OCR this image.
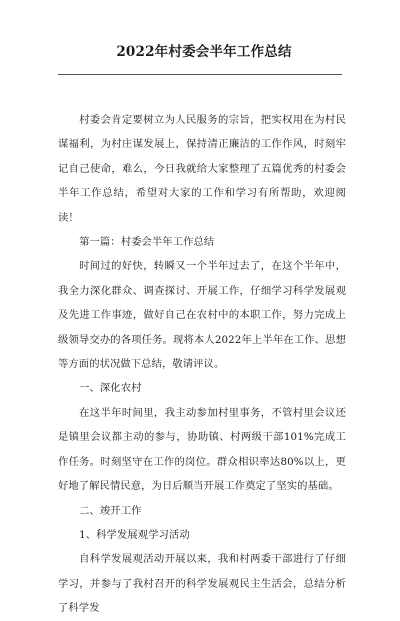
2022年村委会半年工作总结

村委会肯定要树立为人民服务的宗旨，把实权用在为村民谋福利，为村庄谋发展上，保持清正廉洁的工作作风，时刻牢记自己使命，难么，今日我就给大家整理了五篇优秀的村委会半年工作总结，希望对大家的工作和学习有所帮助，欢迎阅读！

第一篇：村委会半年工作总结

时间过的好快，转瞬又一个半年过去了，在这个半年中，我全力深化群众、调查探讨、开展工作，仔细学习科学发展观及先进工作事迹，做好自己在农村中的本职工作，努力完成上级领导交办的各项任务。现将本人2022年上半年在工作、思想等方面的状况做下总结，敬请评议。

一、深化农村

在这半年时间里，我主动参加村里事务，不管村里会议还是镇里会议都主动的参与，协助镇、村两级干部101%完成工作任务。时刻坚守在工作的岗位。群众相识率达80%以上，更好地了解民情民意，为日后顺当开展工作奠定了坚实的基础。

二、竣开工作

1、科学发展观学习活动

自科学发展观活动开展以来，我和村两委干部进行了仔细学习，并参与了我村召开的科学发展观民主生活会，总结分析了科学发
